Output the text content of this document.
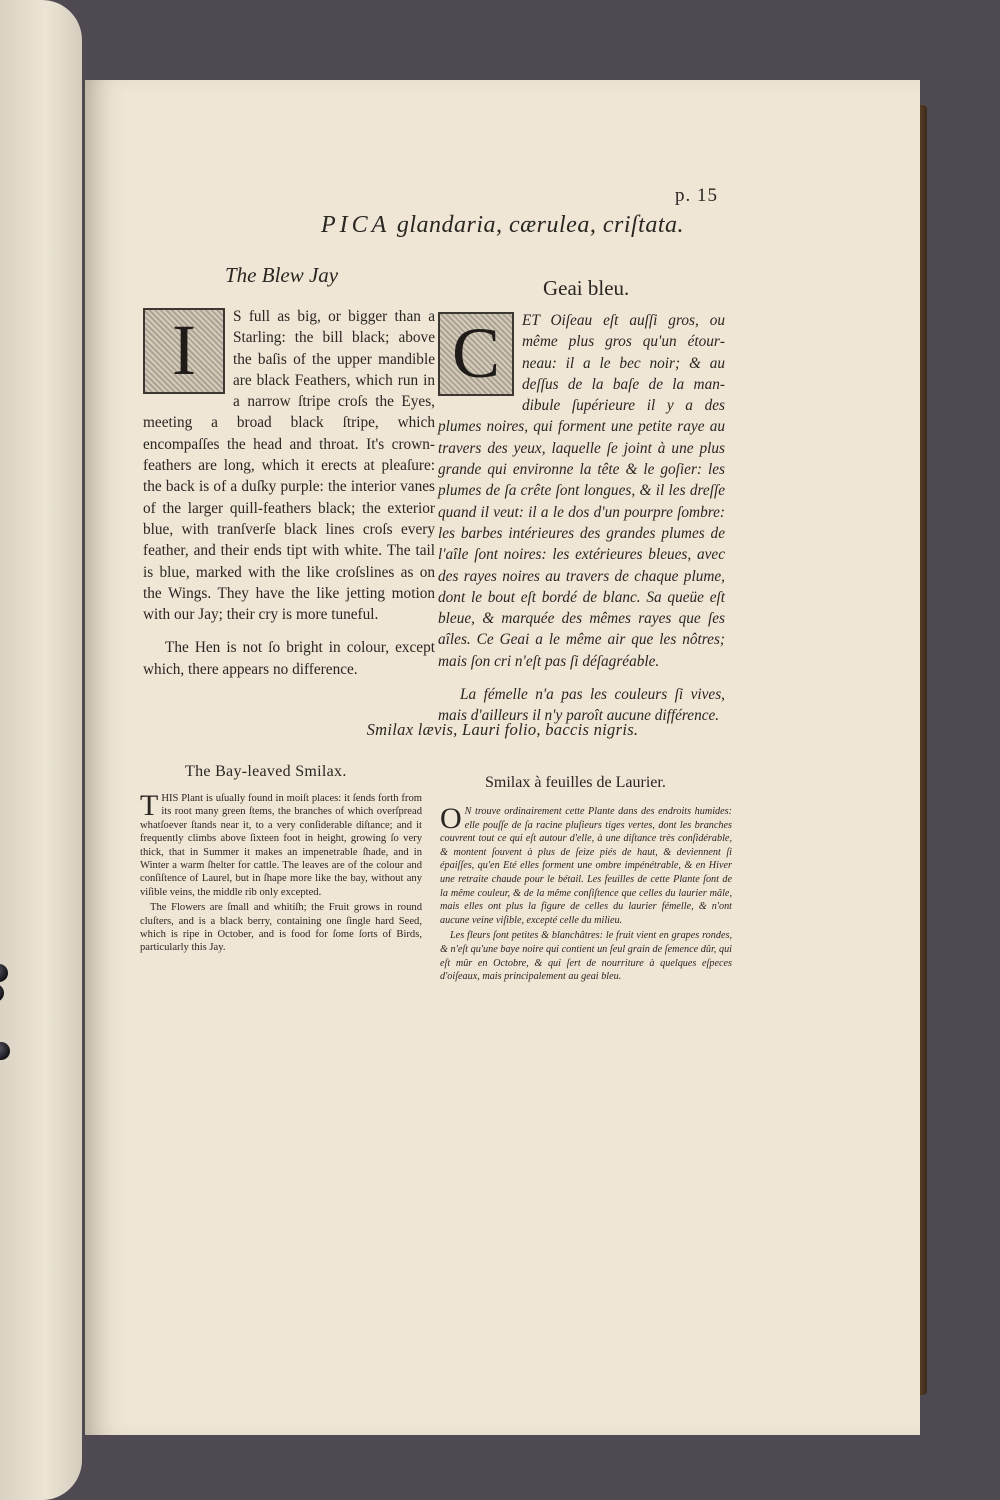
p. 15
PICA glandaria, cærulea, criſtata.
The Blew Jay
Geai bleu.
I	S full as big, or bigger than a Starling: the bill black; above the baſis of the upper mandible are black Feathers, which run in a narrow ſtripe croſs the Eyes, meeting a broad black ſtripe, which encompaſſes the head and throat. It's crown-feathers are long, which it erects at pleaſure: the back is of a duſky purple: the interior vanes of the larger quill-feathers black; the exterior blue, with tranſverſe black lines croſs every feather, and their ends tipt with white. The tail is blue, marked with the like croſslines as on the Wings. They have the like jetting motion with our Jay; their cry is more tuneful.

The Hen is not ſo bright in colour, except which, there appears no difference.

C	ET Oiſeau eſt auſſi gros, ou même plus gros qu'un étourneau: il a le bec noir; & au deſſus de la baſe de la mandibule ſupérieure il y a des plumes noires, qui forment une petite raye au travers des yeux, laquelle ſe joint à une plus grande qui environne la tête & le goſier: les plumes de ſa crête ſont longues, & il les dreſſe quand il veut: il a le dos d'un pourpre ſombre: les barbes intérieures des grandes plumes de l'aîle ſont noires: les extérieures bleues, avec des rayes noires au travers de chaque plume, dont le bout eſt bordé de blanc. Sa queüe eſt bleue, & marquée des mêmes rayes que ſes aîles. Ce Geai a le même air que les nôtres; mais ſon cri n'eſt pas ſi déſagréable.

La fémelle n'a pas les couleurs ſi vives, mais d'ailleurs il n'y paroît aucune différence.

Smilax lævis, Lauri folio, baccis nigris.
The Bay-leaved Smilax.
Smilax à feuilles de Laurier.
T HIS Plant is uſually found in moiſt places: it ſends forth from its root many green ſtems, the branches of which overſpread whatſoever ſtands near it, to a very conſiderable diſtance; and it frequently climbs above ſixteen foot in height, growing ſo very thick, that in Summer it makes an impenetrable ſhade, and in Winter a warm ſhelter for cattle. The leaves are of the colour and conſiſtence of Laurel, but in ſhape more like the bay, without any viſible veins, the middle rib only excepted.

The Flowers are ſmall and whitiſh; the Fruit grows in round cluſters, and is a black berry, containing one ſingle hard Seed, which is ripe in October, and is food for ſome ſorts of Birds, particularly this Jay.

O N trouve ordinairement cette Plante dans des endroits humides: elle pouſſe de ſa racine pluſieurs tiges vertes, dont les branches couvrent tout ce qui eſt autour d'elle, à une diſtance très conſidérable, & montent ſouvent à plus de ſeize piés de haut, & deviennent ſi épaiſſes, qu'en Eté elles forment une ombre impénétrable, & en Hiver une retraite chaude pour le bétail. Les feuilles de cette Plante ſont de la même couleur, & de la même conſiſtence que celles du laurier mâle, mais elles ont plus la figure de celles du laurier fémelle, & n'ont aucune veine viſible, excepté celle du milieu.

Les fleurs ſont petites & blanchâtres: le fruit vient en grapes rondes, & n'eſt qu'une baye noire qui contient un ſeul grain de ſemence dûr, qui eſt mûr en Octobre, & qui ſert de nourriture à quelques eſpeces d'oiſeaux, mais principalement au geai bleu.
